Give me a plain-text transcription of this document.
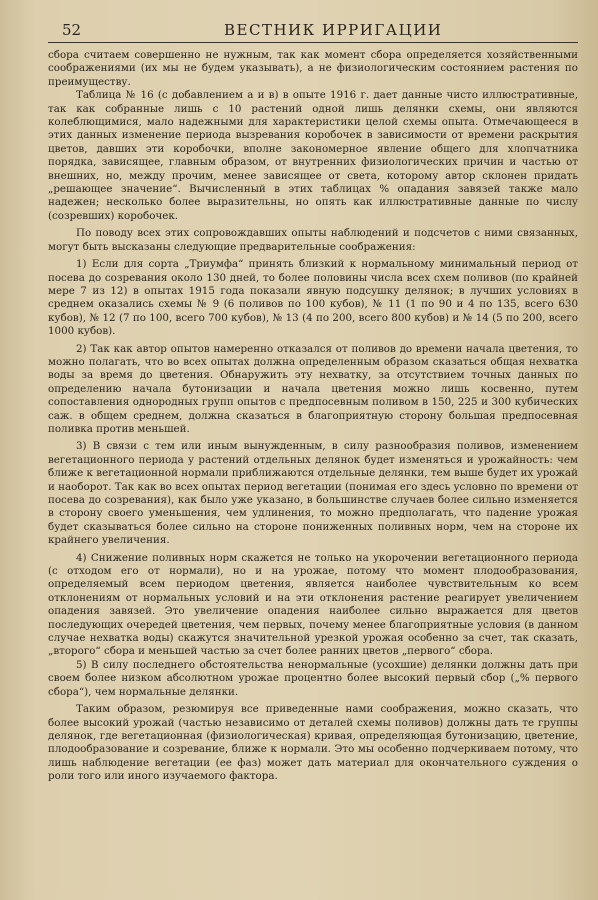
52	ВЕСТНИК ИРРИГАЦИИ

сбора считаем совершенно не нужным, так как момент сбора определяется хозяйственными соображениями (их мы не будем указывать), а не физиологическим состоянием растения по преимуществу.

Таблица № 16 (с добавлением а и в) в опыте 1916 г. дает данные чисто иллюстративные, так как собранные лишь с 10 растений одной лишь делянки схемы, они являются колеблющимися, мало надежными для характеристики целой схемы опыта. Отмечающееся в этих данных изменение периода вызревания коробочек в зависимости от времени раскрытия цветов, давших эти коробочки, вполне закономерное явление общего для хлопчатника порядка, зависящее, главным образом, от внутренних физиологических причин и частью от внешних, но, между прочим, менее зависящее от света, которому автор склонен придать „решающее значение“. Вычисленный в этих таблицах % опадания завязей также мало надежен; несколько более выразительны, но опять как иллюстративные данные по числу (созревших) коробочек.

По поводу всех этих сопровождавших опыты наблюдений и подсчетов с ними связанных, могут быть высказаны следующие предварительные соображения:

1) Если для сорта „Триумфа“ принять близкий к нормальному минимальный период от посева до созревания около 130 дней, то более половины числа всех схем поливов (по крайней мере 7 из 12) в опытах 1915 года показали явную подсушку делянок; в лучших условиях в среднем оказались схемы № 9 (6 поливов по 100 кубов), № 11 (1 по 90 и 4 по 135, всего 630 кубов), № 12 (7 по 100, всего 700 кубов), № 13 (4 по 200, всего 800 кубов) и № 14 (5 по 200, всего 1000 кубов).

2) Так как автор опытов намеренно отказался от поливов до времени начала цветения, то можно полагать, что во всех опытах должна определенным образом сказаться общая нехватка воды за время до цветения. Обнаружить эту нехватку, за отсутствием точных данных по определению начала бутонизации и начала цветения можно лишь косвенно, путем сопоставления однородных групп опытов с предпосевным поливом в 150, 225 и 300 кубических саж. в общем среднем, должна сказаться в благоприятную сторону большая предпосевная поливка против меньшей.

3) В связи с тем или иным вынужденным, в силу разнообразия поливов, изменением вегетационного периода у растений отдельных делянок будет изменяться и урожайность: чем ближе к вегетационной нормали приближаются отдельные делянки, тем выше будет их урожай и наоборот. Так как во всех опытах период вегетации (понимая его здесь условно по времени от посева до созревания), как было уже указано, в большинстве случаев более сильно изменяется в сторону своего уменьшения, чем удлинения, то можно предполагать, что падение урожая будет сказываться более сильно на стороне пониженных поливных норм, чем на стороне их крайнего увеличения.

4) Снижение поливных норм скажется не только на укорочении вегетационного периода (с отходом его от нормали), но и на урожае, потому что момент плодообразования, определяемый всем периодом цветения, является наиболее чувствительным ко всем отклонениям от нормальных условий и на эти отклонения растение реагирует увеличением опадения завязей. Это увеличение опадения наиболее сильно выражается для цветов последующих очередей цветения, чем первых, почему менее благоприятные условия (в данном случае нехватка воды) скажутся значительной урезкой урожая особенно за счет, так сказать, „второго“ сбора и меньшей частью за счет более ранних цветов „первого“ сбора.

5) В силу последнего обстоятельства ненормальные (усохшие) делянки должны дать при своем более низком абсолютном урожае процентно более высокий первый сбор („% первого сбора“), чем нормальные делянки.

Таким образом, резюмируя все приведенные нами соображения, можно сказать, что более высокий урожай (частью независимо от деталей схемы поливов) должны дать те группы делянок, где вегетационная (физиологическая) кривая, определяющая бутонизацию, цветение, плодообразование и созревание, ближе к нормали. Это мы особенно подчеркиваем потому, что лишь наблюдение вегетации (ее фаз) может дать материал для окончательного суждения о роли того или иного изучаемого фактора.
